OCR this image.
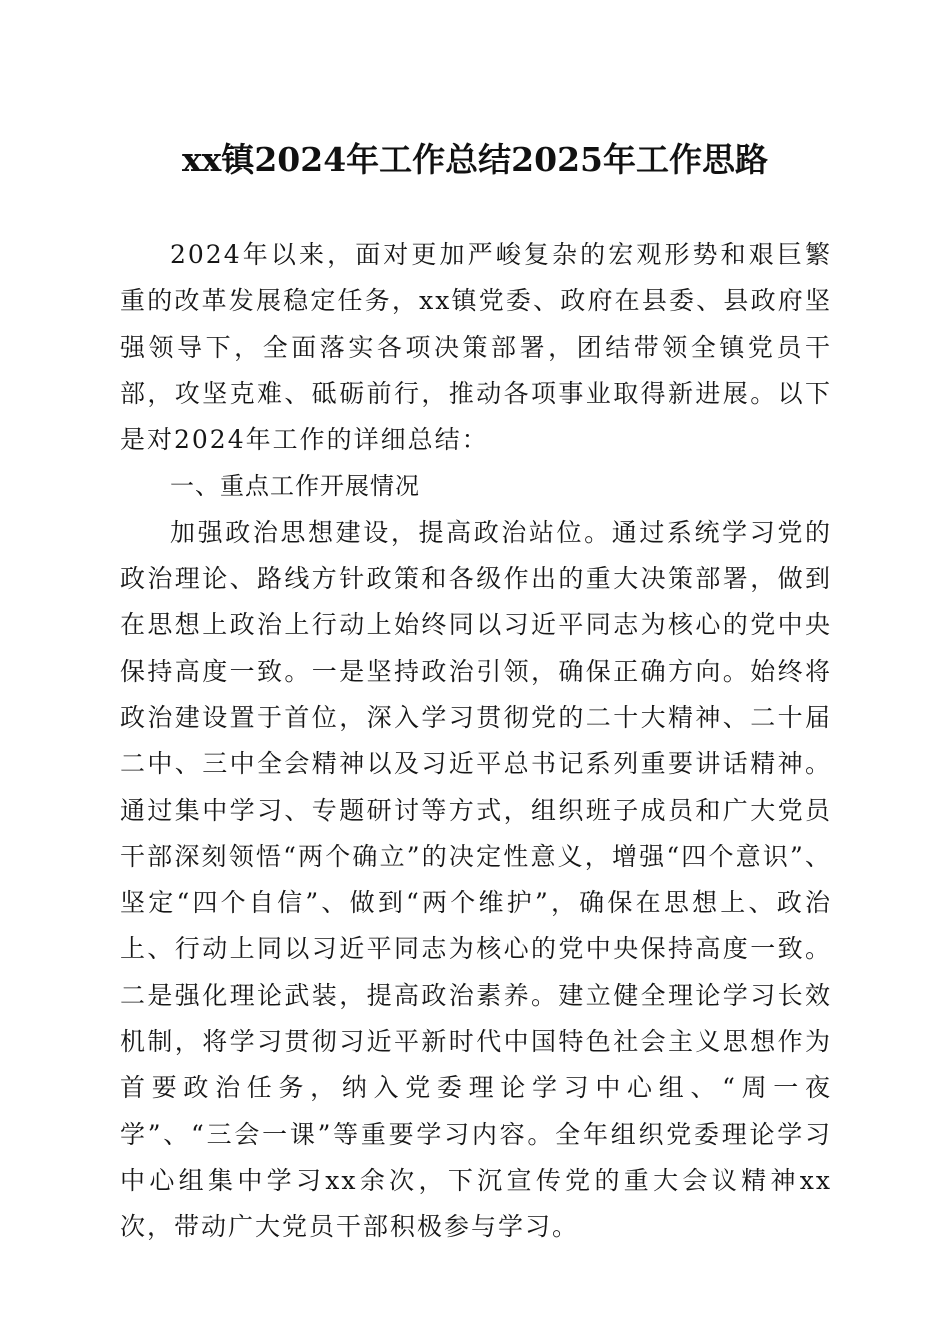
xx镇2024年工作总结2025年工作思路

2024年以来，面对更加严峻复杂的宏观形势和艰巨繁重的改革发展稳定任务，xx镇党委、政府在县委、县政府坚强领导下，全面落实各项决策部署，团结带领全镇党员干部，攻坚克难、砥砺前行，推动各项事业取得新进展。以下是对2024年工作的详细总结：

一、重点工作开展情况

加强政治思想建设，提高政治站位。通过系统学习党的政治理论、路线方针政策和各级作出的重大决策部署，做到在思想上政治上行动上始终同以习近平同志为核心的党中央保持高度一致。一是坚持政治引领，确保正确方向。始终将政治建设置于首位，深入学习贯彻党的二十大精神、二十届二中、三中全会精神以及习近平总书记系列重要讲话精神。通过集中学习、专题研讨等方式，组织班子成员和广大党员干部深刻领悟“两个确立”的决定性意义，增强“四个意识”、坚定“四个自信”、做到“两个维护”，确保在思想上、政治上、行动上同以习近平同志为核心的党中央保持高度一致。二是强化理论武装，提高政治素养。建立健全理论学习长效机制，将学习贯彻习近平新时代中国特色社会主义思想作为首要政治任务，纳入党委理论学习中心组、“周一夜学”、“三会一课”等重要学习内容。全年组织党委理论学习中心组集中学习xx余次，下沉宣传党的重大会议精神xx次，带动广大党员干部积极参与学习。
